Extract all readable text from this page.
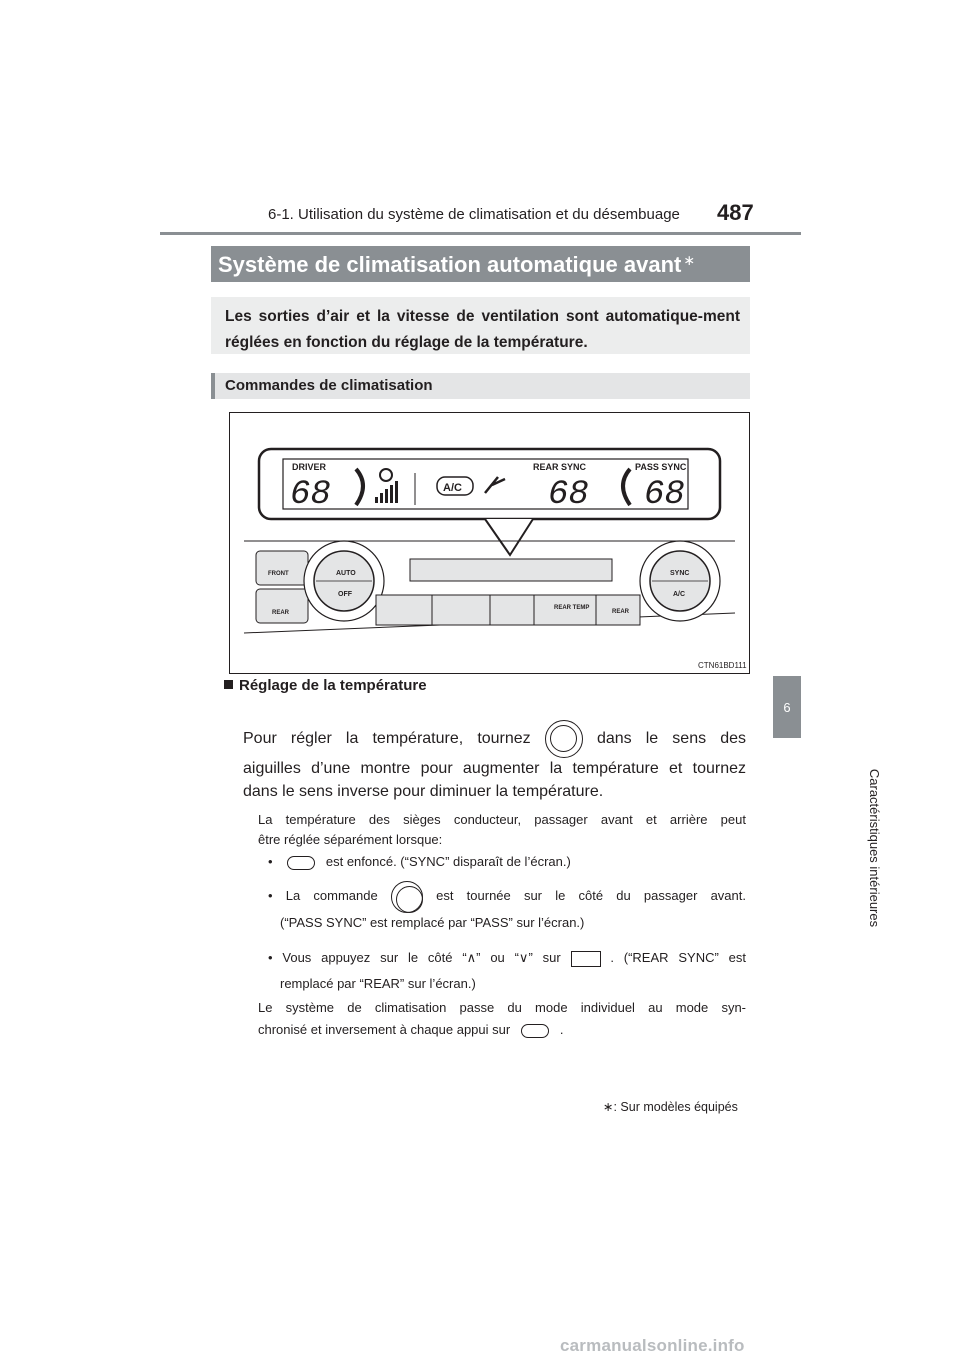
6-1. Utilisation du système de climatisation et du désembuage 487
6
Caractéristiques intérieures
Système de climatisation automatique avant ∗
Les sorties d’air et la vitesse de ventilation sont automatique-ment réglées en fonction du réglage de la température.
Commandes de climatisation
DRIVER	REAR SYNC	PASS SYNC
68	68 68
A/C
FRONT
REAR
AUTO
OFF
REAR TEMP
REAR
SYNC
A/C
CTN61BD111
Réglage de la température
Pour régler la température, tournez	dans le sens des
aiguilles d’une montre pour augmenter la température et tournez
dans le sens inverse pour diminuer la température.
La température des sièges conducteur, passager avant et arrière peut
être réglée séparément lorsque:
•	est enfoncé. (“SYNC” disparaît de l’écran.)
• La commande	est tournée sur le côté du passager avant.
(“PASS SYNC” est remplacé par “PASS” sur l’écran.)
• Vous appuyez sur le côté “∧” ou “∨” sur	. (“REAR SYNC” est
remplacé par “REAR” sur l’écran.)
Le système de climatisation passe du mode individuel au mode syn-
chronisé et inversement à chaque appui sur	.
∗: Sur modèles équipés
carmanualsonline.info
